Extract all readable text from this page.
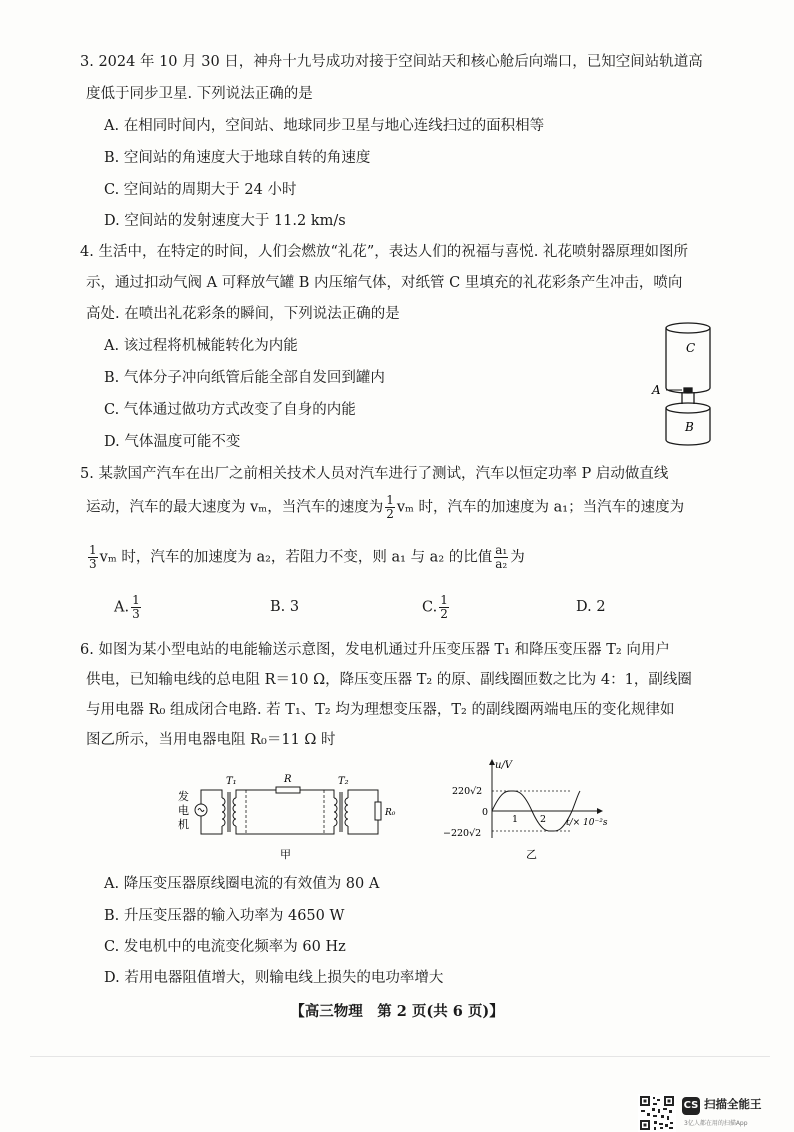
3. 2024 年 10 月 30 日，神舟十九号成功对接于空间站天和核心舱后向端口，已知空间站轨道高
度低于同步卫星. 下列说法正确的是
A. 在相同时间内，空间站、地球同步卫星与地心连线扫过的面积相等
B. 空间站的角速度大于地球自转的角速度
C. 空间站的周期大于 24 小时
D. 空间站的发射速度大于 11.2 km/s
4. 生活中，在特定的时间，人们会燃放“礼花”，表达人们的祝福与喜悦. 礼花喷射器原理如图所
示，通过扣动气阀 A 可释放气罐 B 内压缩气体，对纸管 C 里填充的礼花彩条产生冲击，喷向
高处. 在喷出礼花彩条的瞬间，下列说法正确的是
A. 该过程将机械能转化为内能
B. 气体分子冲向纸管后能全部自发回到罐内
C. 气体通过做功方式改变了自身的内能
D. 气体温度可能不变
C
A
B
5. 某款国产汽车在出厂之前相关技术人员对汽车进行了测试，汽车以恒定功率 P 启动做直线
运动，汽车的最大速度为 vₘ，当汽车的速度为 $\frac{1}{2}$ vₘ 时，汽车的加速度为 a₁；当汽车的速度为
$\frac{1}{3}$ vₘ 时，汽车的加速度为 a₂，若阻力不变，则 a₁ 与 a₂ 的比值 $\frac{\text{a₁}}{\text{a₂}}$ 为
A. $\frac{1}{3}$	B. 3	C. $\frac{1}{2}$	D. 2
6. 如图为某小型电站的电能输送示意图，发电机通过升压变压器 T₁ 和降压变压器 T₂ 向用户
供电，已知输电线的总电阻 R＝10 Ω，降压变压器 T₂ 的原、副线圈匝数之比为 4：1，副线圈
与用电器 R₀ 组成闭合电路. 若 T₁、T₂ 均为理想变压器，T₂ 的副线圈两端电压的变化规律如
图乙所示，当用电器电阻 R₀＝11 Ω 时
发
电
机
T₁	R	T₂
R₀
甲
u/V
220√2
−220√2
0
1 2 t/× 10⁻²s
乙
A. 降压变压器原线圈电流的有效值为 80 A
B. 升压变压器的输入功率为 4650 W
C. 发电机中的电流变化频率为 60 Hz
D. 若用电器阻值增大，则输电线上损失的电功率增大
【高三物理　第 2 页(共 6 页)】
CS 扫描全能王
3亿人都在用的扫描App
